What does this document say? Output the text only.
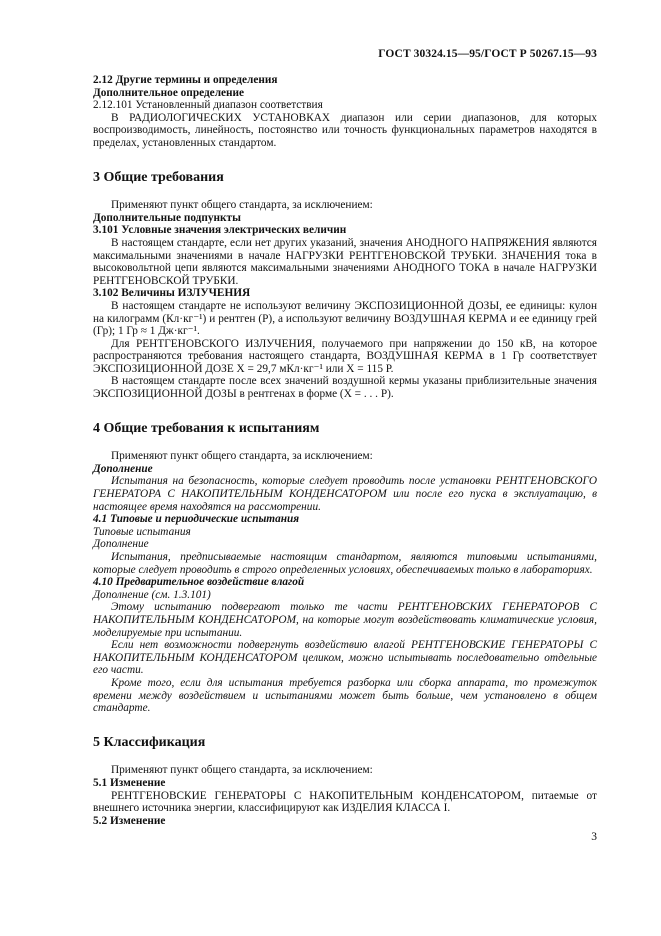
ГОСТ 30324.15—95/ГОСТ Р 50267.15—93

2.12 Другие термины и определения

Дополнительное определение

2.12.101 Установленный диапазон соответствия

В РАДИОЛОГИЧЕСКИХ УСТАНОВКАХ диапазон или серии диапазонов, для которых воспроизводимость, линейность, постоянство или точность функциональных параметров находятся в пределах, установленных стандартом.

3 Общие требования

Применяют пункт общего стандарта, за исключением:

Дополнительные подпункты

3.101 Условные значения электрических величин

В настоящем стандарте, если нет других указаний, значения АНОДНОГО НАПРЯЖЕНИЯ являются максимальными значениями в начале НАГРУЗКИ РЕНТГЕНОВСКОЙ ТРУБКИ. ЗНАЧЕНИЯ тока в высоковольтной цепи являются максимальными значениями АНОДНОГО ТОКА в начале НАГРУЗКИ РЕНТГЕНОВСКОЙ ТРУБКИ.

3.102 Величины ИЗЛУЧЕНИЯ

В настоящем стандарте не используют величину ЭКСПОЗИЦИОННОЙ ДОЗЫ, ее единицы: кулон на килограмм (Кл·кг⁻¹) и рентген (Р), а используют величину ВОЗДУШНАЯ КЕРМА и ее единицу грей (Гр); 1 Гр ≈ 1 Дж·кг⁻¹.

Для РЕНТГЕНОВСКОГО ИЗЛУЧЕНИЯ, получаемого при напряжении до 150 кВ, на которое распространяются требования настоящего стандарта, ВОЗДУШНАЯ КЕРМА в 1 Гр соответствует ЭКСПОЗИЦИОННОЙ ДОЗЕ Х = 29,7 мКл·кг⁻¹ или Х = 115 Р.

В настоящем стандарте после всех значений воздушной кермы указаны приблизительные значения ЭКСПОЗИЦИОННОЙ ДОЗЫ в рентгенах в форме (Х = . . . Р).

4 Общие требования к испытаниям

Применяют пункт общего стандарта, за исключением:

Дополнение

Испытания на безопасность, которые следует проводить после установки РЕНТГЕНОВСКОГО ГЕНЕРАТОРА С НАКОПИТЕЛЬНЫМ КОНДЕНСАТОРОМ или после его пуска в эксплуатацию, в настоящее время находятся на рассмотрении.

4.1 Типовые и периодические испытания

Типовые испытания

Дополнение

Испытания, предписываемые настоящим стандартом, являются типовыми испытаниями, которые следует проводить в строго определенных условиях, обеспечиваемых только в лабораториях.

4.10 Предварительное воздействие влагой

Дополнение (см. 1.3.101)

Этому испытанию подвергают только те части РЕНТГЕНОВСКИХ ГЕНЕРАТОРОВ С НАКОПИТЕЛЬНЫМ КОНДЕНСАТОРОМ, на которые могут воздействовать климатические условия, моделируемые при испытании.

Если нет возможности подвергнуть воздействию влагой РЕНТГЕНОВСКИЕ ГЕНЕРАТОРЫ С НАКОПИТЕЛЬНЫМ КОНДЕНСАТОРОМ целиком, можно испытывать последовательно отдельные его части.

Кроме того, если для испытания требуется разборка или сборка аппарата, то промежуток времени между воздействием и испытаниями может быть больше, чем установлено в общем стандарте.

5 Классификация

Применяют пункт общего стандарта, за исключением:

5.1 Изменение

РЕНТГЕНОВСКИЕ ГЕНЕРАТОРЫ С НАКОПИТЕЛЬНЫМ КОНДЕНСАТОРОМ, питаемые от внешнего источника энергии, классифицируют как ИЗДЕЛИЯ КЛАССА I.

5.2 Изменение

3
